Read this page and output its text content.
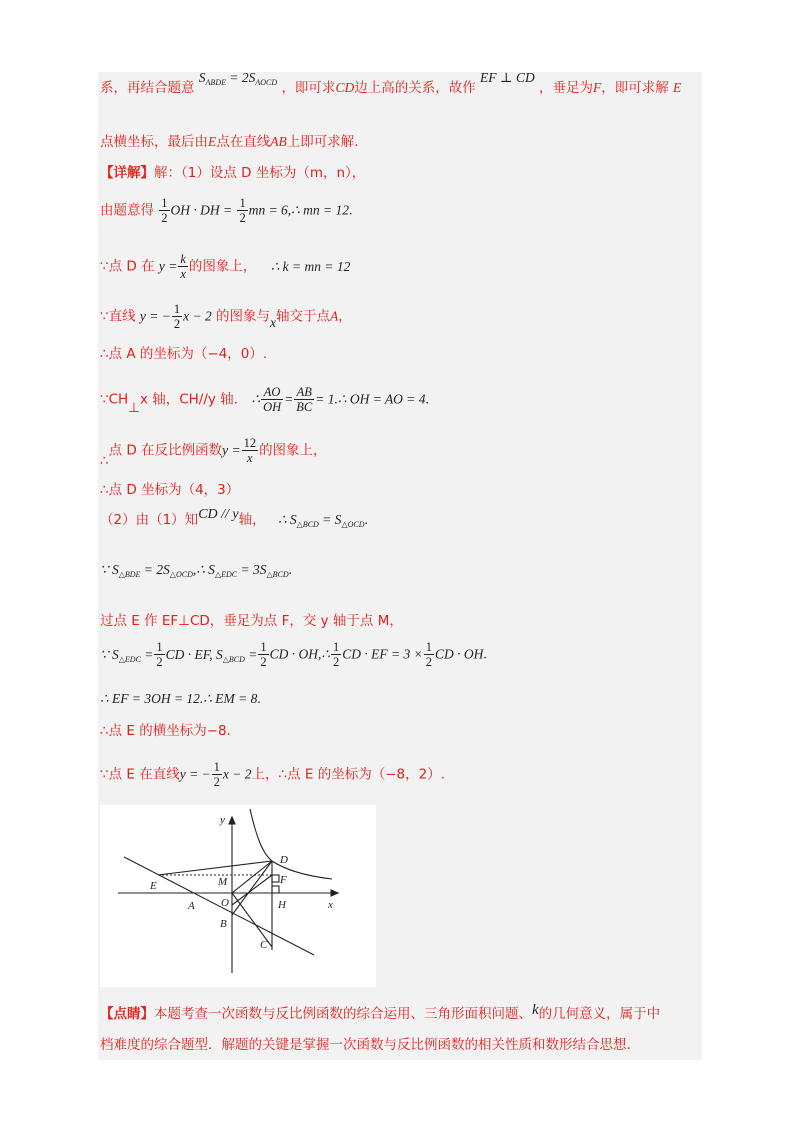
系，再结合题意 $S_{ABDE} = 2S_{AOCD}$ ，即可求CD边上高的关系，故作 EF ⊥ CD ，垂足为F，即可求解 E
点横坐标，最后由E点在直线AB上即可求解.
【详解】解：（1）设点 D 坐标为（m，n），
由题意得 $\frac{1}{2}$ OH · DH = $\frac{1}{2}$ mn = 6,∴ mn = 12.
∵点 D 在 $y = \frac{k}{x}$ 的图象上， ∴ k = mn = 12
∵直线 y = − $\frac{1}{2}$ x − 2 的图象与x轴交于点A，
∴点 A 的坐标为（−4，0）.
∵CH⊥x 轴，CH//y 轴． ∴ $\frac{AO}{OH} = \frac{AB}{BC}$ = 1.∴ OH = AO = 4.
∴点 D 在反比例函数$y = \frac{12}{x}$ 的图象上，
∴点 D 坐标为（4，3）
（2）由（1）知CD // y轴， ∴ $S_{\triangle BCD} = S_{\triangle OCD}$.
∵ $S_{\triangle BDE}$ = $2S_{\triangle OCD},\therefore$ $S_{\triangle EDC} = 3S_{\triangle BCD}$.
过点 E 作 EF⊥CD，垂足为点 F，交 y 轴于点 M，
∵ $S_{\triangle EDC} = \frac{1}{2}$ CD · EF, $S_{\triangle BCD} = \frac{1}{2}$ CD · OH,∴ $\frac{1}{2}$ CD · EF = $3 \times \frac{1}{2}$ CD · OH.
∴ EF = 3OH = 12.∴ EM = 8.
∴点 E 的横坐标为−8.
∵点 E 在直线y = − $\frac{1}{2}$ x − 2上，∴点 E 的坐标为（−8，2）.
y
D
E	M	F
A O	H	x
B
C
【点睛】本题考查一次函数与反比例函数的综合运用、三角形面积问题、k的几何意义，属于中
档难度的综合题型．解题的关键是掌握一次函数与反比例函数的相关性质和数形结合思想．
